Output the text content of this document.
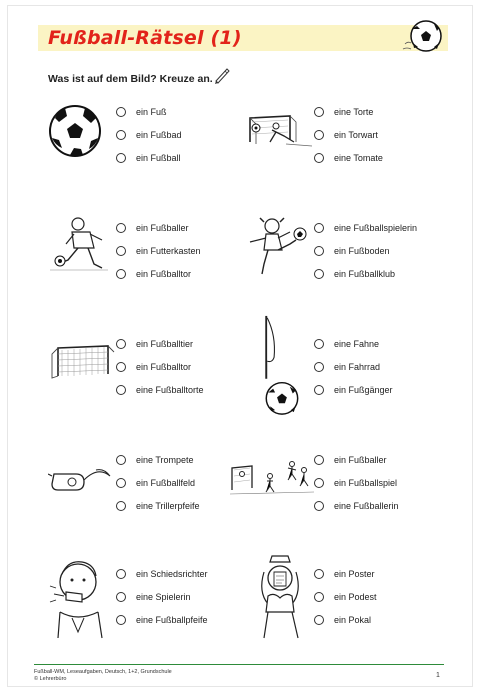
Fußball-Rätsel (1)
Was ist auf dem Bild? Kreuze an.
ein Fuß
ein Fußbad
ein Fußball
eine Torte
ein Torwart
eine Tomate
ein Fußballer
ein Futterkasten
ein Fußballtor
eine Fußballspielerin
ein Fußboden
ein Fußballklub
ein Fußballtier
ein Fußballtor
eine Fußballtorte
eine Fahne
ein Fahrrad
ein Fußgänger
eine Trompete
ein Fußballfeld
eine Trillerpfeife
ein Fußballer
ein Fußballspiel
eine Fußballerin
ein Schiedsrichter
eine Spielerin
eine Fußballpfeife
ein Poster
ein Podest
ein Pokal
Fußball-WM, Leseaufgaben, Deutsch, 1+2, Grundschule
© Lehrerbüro	1
